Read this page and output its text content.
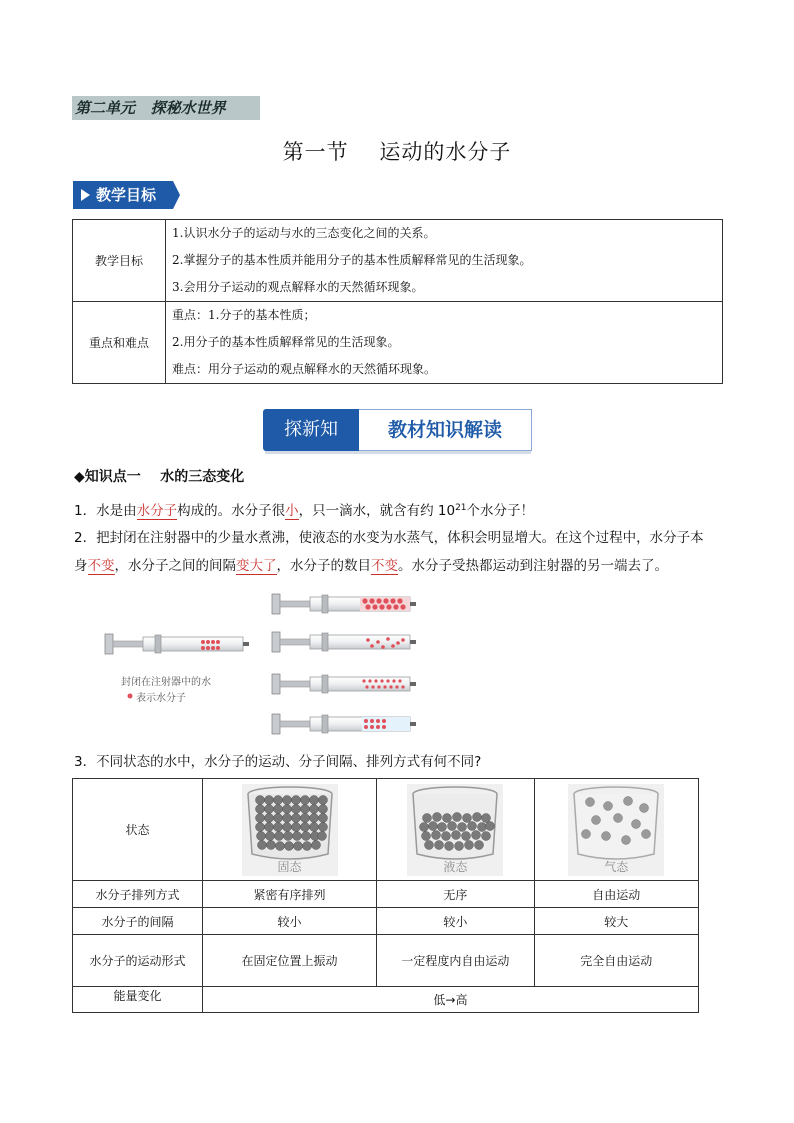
第二单元   探秘水世界
第一节    运动的水分子
教学目标
教学目标	1.认识水分子的运动与水的三态变化之间的关系。
2.掌握分子的基本性质并能用分子的基本性质解释常见的生活现象。
3.会用分子运动的观点解释水的天然循环现象。

重点和难点	重点：1.分子的基本性质；
2.用分子的基本性质解释常见的生活现象。
难点：用分子运动的观点解释水的天然循环现象。
探新知	教材知识解读
◆知识点一    水的三态变化
1．水是由水分子构成的。水分子很小，只一滴水，就含有约 $10^{21}$个水分子！
2．把封闭在注射器中的少量水煮沸，使液态的水变为水蒸气，体积会明显增大。在这个过程中，水分子本
身不变，水分子之间的间隔变大了，水分子的数目不变。水分子受热都运动到注射器的另一端去了。
封闭在注射器中的水
表示水分子
3．不同状态的水中，水分子的运动、分子间隔、排列方式有何不同?
状态	固态	液态	气态

水分子排列方式	紧密有序排列	无序	自由运动
水分子的间隔	较小	较小	较大
水分子的运动形式	在固定位置上振动	一定程度内自由运动	完全自由运动
能量变化	低→高		
